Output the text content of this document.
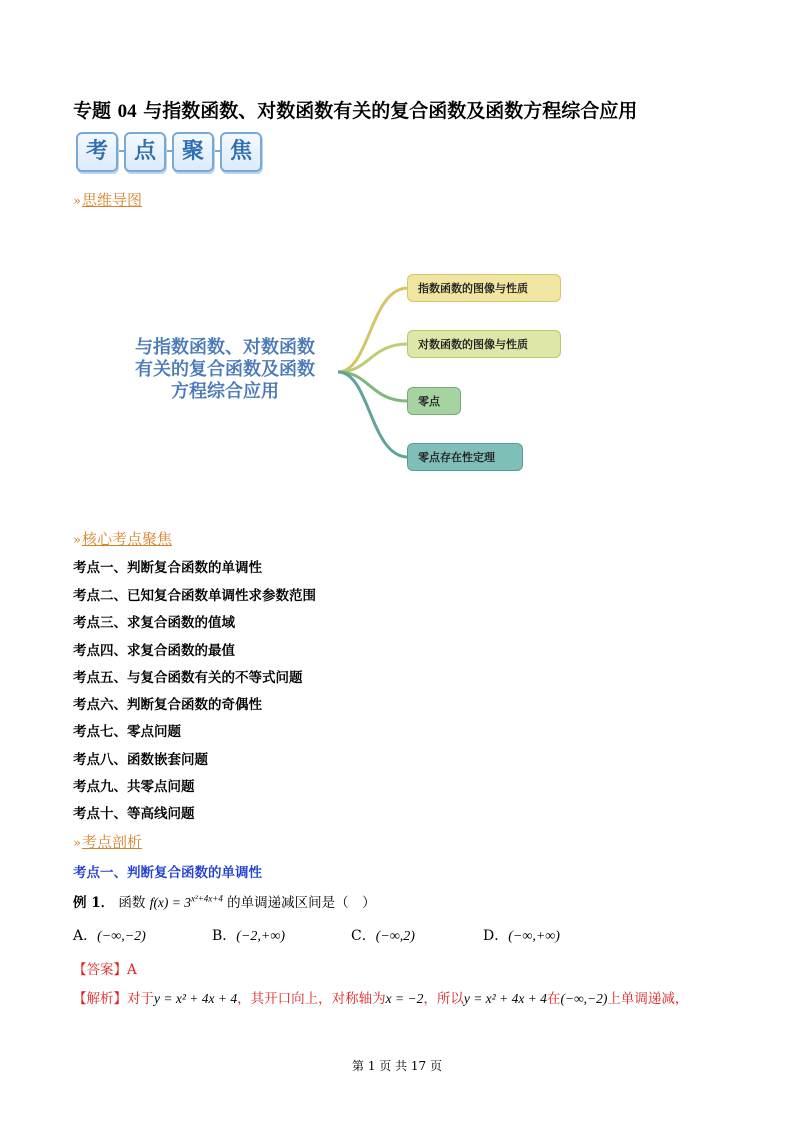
专题 04 与指数函数、对数函数有关的复合函数及函数方程综合应用
考	点	聚	焦
» 思维导图
与指数函数、对数函数
有关的复合函数及函数
方程综合应用
指数函数的图像与性质
对数函数的图像与性质
零点
零点存在性定理
» 核心考点聚焦
考点一、判断复合函数的单调性
考点二、已知复合函数单调性求参数范围
考点三、求复合函数的值域
考点四、求复合函数的最值
考点五、与复合函数有关的不等式问题
考点六、判断复合函数的奇偶性
考点七、零点问题
考点八、函数嵌套问题
考点九、共零点问题
考点十、等高线问题
» 考点剖析
考点一、判断复合函数的单调性
例 1． 函数 $f(x) = 3^{x^2+4x+4}$ 的单调递减区间是（　）
A．(−∞,−2)	B．(−2,+∞)	C．(−∞,2)	D．(−∞,+∞)
【答案】A
【解析】对于y = x² + 4x + 4，其开口向上，对称轴为x = −2，所以y = x² + 4x + 4在(−∞,−2)上单调递减，
第 1 页 共 17 页
